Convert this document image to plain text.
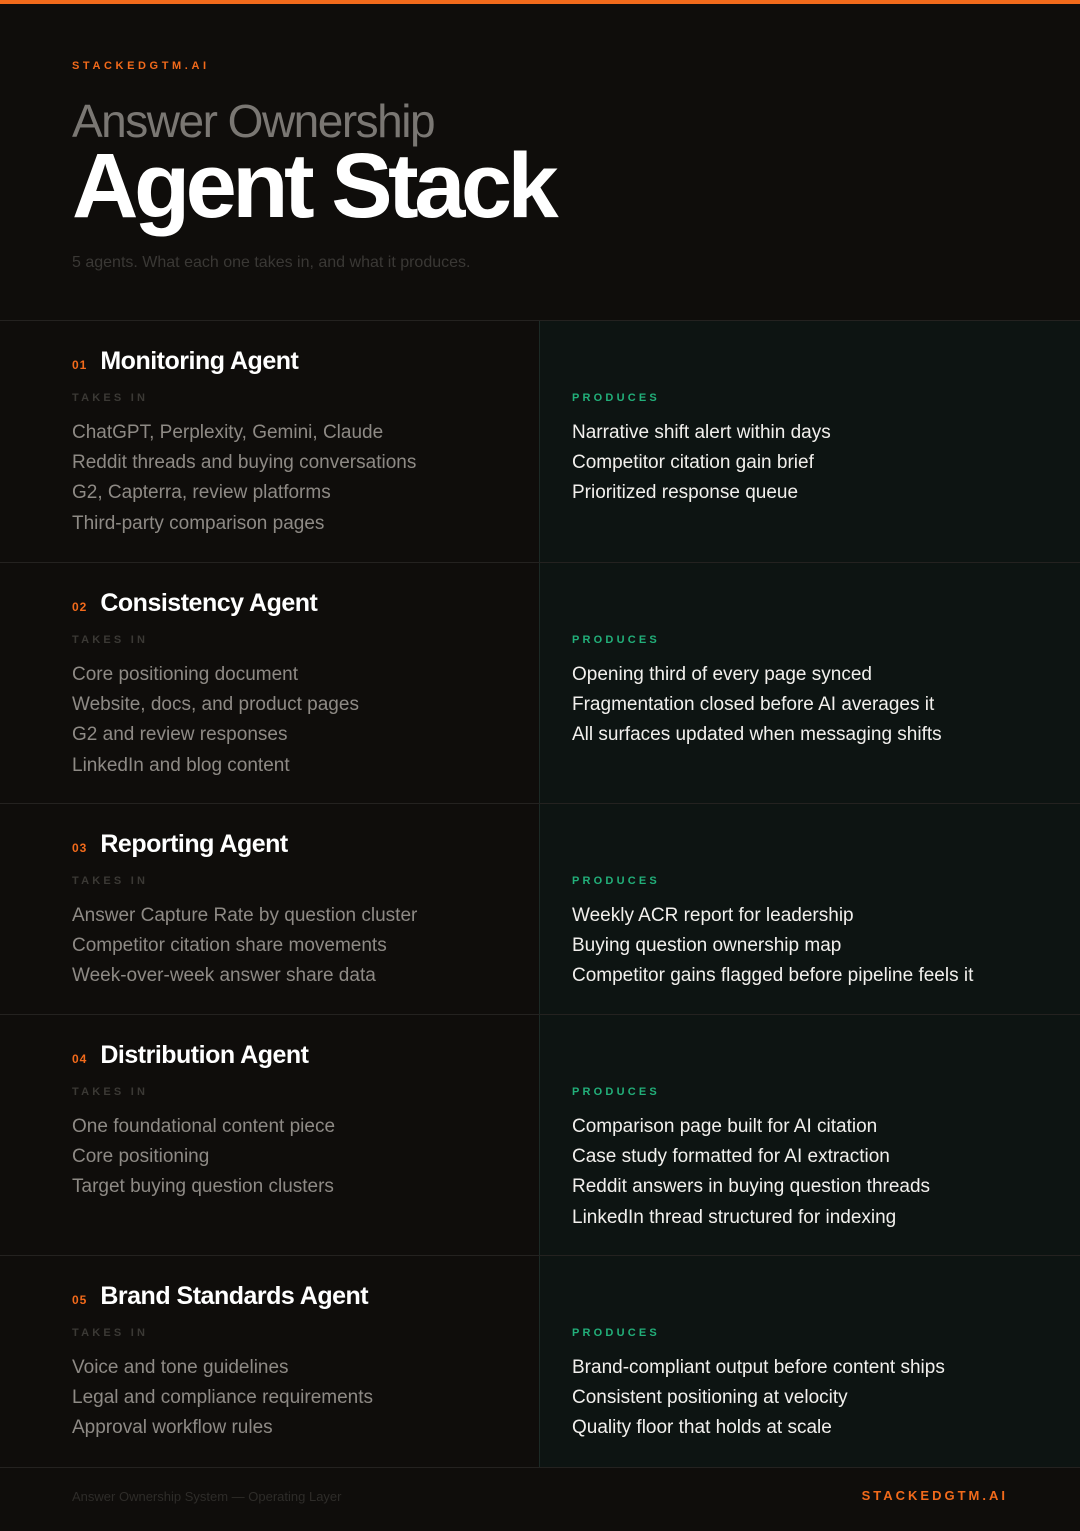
STACKEDGTM.AI
Answer Ownership
Agent Stack
5 agents. What each one takes in, and what it produces.
01 Monitoring Agent
TAKES IN
ChatGPT, Perplexity, Gemini, Claude
Reddit threads and buying conversations
G2, Capterra, review platforms
Third-party comparison pages
PRODUCES
Narrative shift alert within days
Competitor citation gain brief
Prioritized response queue
02 Consistency Agent
TAKES IN
Core positioning document
Website, docs, and product pages
G2 and review responses
LinkedIn and blog content
PRODUCES
Opening third of every page synced
Fragmentation closed before AI averages it
All surfaces updated when messaging shifts
03 Reporting Agent
TAKES IN
Answer Capture Rate by question cluster
Competitor citation share movements
Week-over-week answer share data
PRODUCES
Weekly ACR report for leadership
Buying question ownership map
Competitor gains flagged before pipeline feels it
04 Distribution Agent
TAKES IN
One foundational content piece
Core positioning
Target buying question clusters
PRODUCES
Comparison page built for AI citation
Case study formatted for AI extraction
Reddit answers in buying question threads
LinkedIn thread structured for indexing
05 Brand Standards Agent
TAKES IN
Voice and tone guidelines
Legal and compliance requirements
Approval workflow rules
PRODUCES
Brand-compliant output before content ships
Consistent positioning at velocity
Quality floor that holds at scale
Answer Ownership System — Operating Layer	STACKEDGTM.AI
